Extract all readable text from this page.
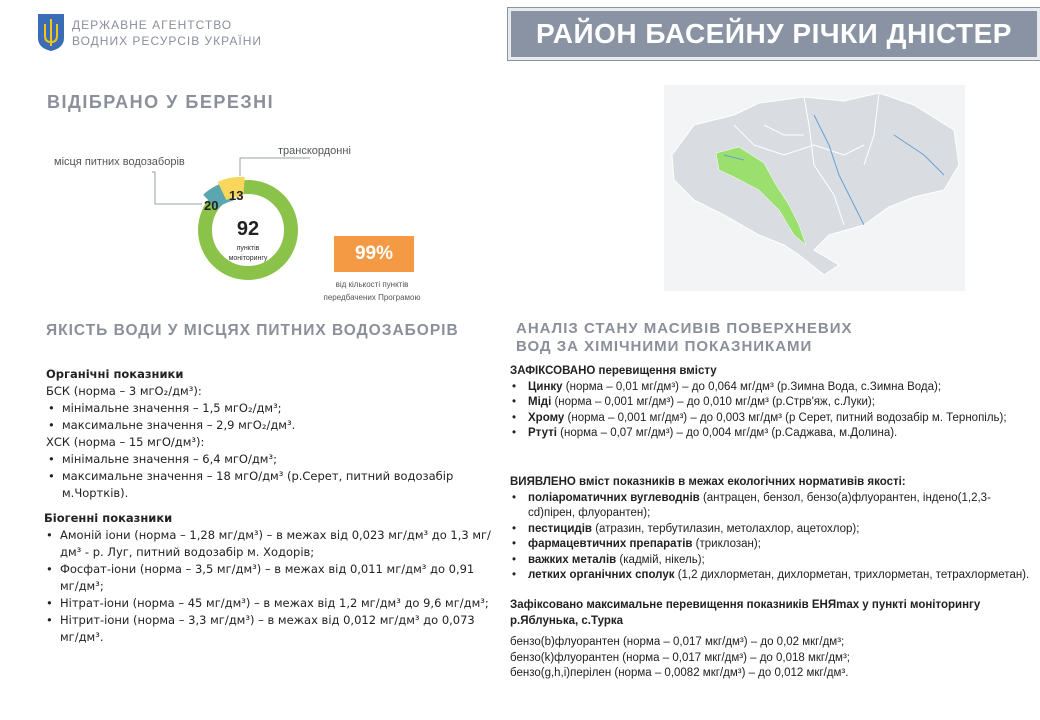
ДЕРЖАВНЕ АГЕНТСТВО
ВОДНИХ РЕСУРСІВ УКРАЇНИ	РАЙОН БАСЕЙНУ РІЧКИ ДНІСТЕР
ВІДІБРАНО У БЕРЕЗНІ
місця питних водозаборів
транскордонні
20
13
92
пунктів
моніторингу	99%
від кількості пунктів
передбачених Програмою
ЯКІСТЬ ВОДИ У МІСЦЯХ ПИТНИХ ВОДОЗАБОРІВ
Органічні показники
БСК (норма – 3 мгО₂/дм³):
• мінімальне значення – 1,5 мгО₂/дм³;
• максимальне значення – 2,9 мгО₂/дм³.
ХСК (норма – 15 мгО/дм³):
• мінімальне значення – 6,4 мгО/дм³;
• максимальне значення – 18 мгО/дм³ (р.Серет, питний водозабір м.Чортків).
Біогенні показники
• Амоній іони (норма – 1,28 мг/дм³) – в межах від 0,023 мг/дм³ до 1,3 мг/дм³ - р. Луг, питний водозабір м. Ходорів;
• Фосфат-іони (норма – 3,5 мг/дм³) – в межах від 0,011 мг/дм³ до 0,91 мг/дм³;
• Нітрат-іони (норма – 45 мг/дм³) – в межах від 1,2 мг/дм³ до 9,6 мг/дм³;
• Нітрит-іони (норма – 3,3 мг/дм³) – в межах від 0,012 мг/дм³ до 0,073 мг/дм³.
АНАЛІЗ СТАНУ МАСИВІВ ПОВЕРХНЕВИХ
ВОД ЗА ХІМІЧНИМИ ПОКАЗНИКАМИ
ЗАФІКСОВАНО перевищення вмісту
• Цинку (норма – 0,01 мг/дм³) – до 0,064 мг/дм³ (р.Зимна Вода, с.Зимна Вода);
• Міді (норма – 0,001 мг/дм³) – до 0,010 мг/дм³ (р.Стрв'яж, с.Луки);
• Хрому (норма – 0,001 мг/дм³) – до 0,003 мг/дм³ (р Серет, питний водозабір м. Тернопіль);
• Ртуті (норма – 0,07 мг/дм³) – до 0,004 мг/дм³ (р.Саджава, м.Долина).
ВИЯВЛЕНО вміст показників в межах екологічних нормативів якості:
• поліароматичних вуглеводнів (антрацен, бензол, бензо(а)флуорантен, індено(1,2,3-cd)пірен, флуорантен);
• пестицидів (атразин, тербутилазин, метолахлор, ацетохлор);
• фармацевтичних препаратів (триклозан);
• важких металів (кадмій, нікель);
• летких органічних сполук (1,2 дихлорметан, дихлорметан, трихлорметан, тетрахлорметан).
Зафіксовано максимальне перевищення показників ЕНЯmax у пункті моніторингу р.Яблунька, с.Турка
бензо(b)флуорантен (норма – 0,017 мкг/дм³) – до 0,02 мкг/дм³;
бензо(k)флуорантен (норма – 0,017 мкг/дм³) – до 0,018 мкг/дм³;
бензо(g,h,i)перілен (норма – 0,0082 мкг/дм³) – до 0,012 мкг/дм³.
